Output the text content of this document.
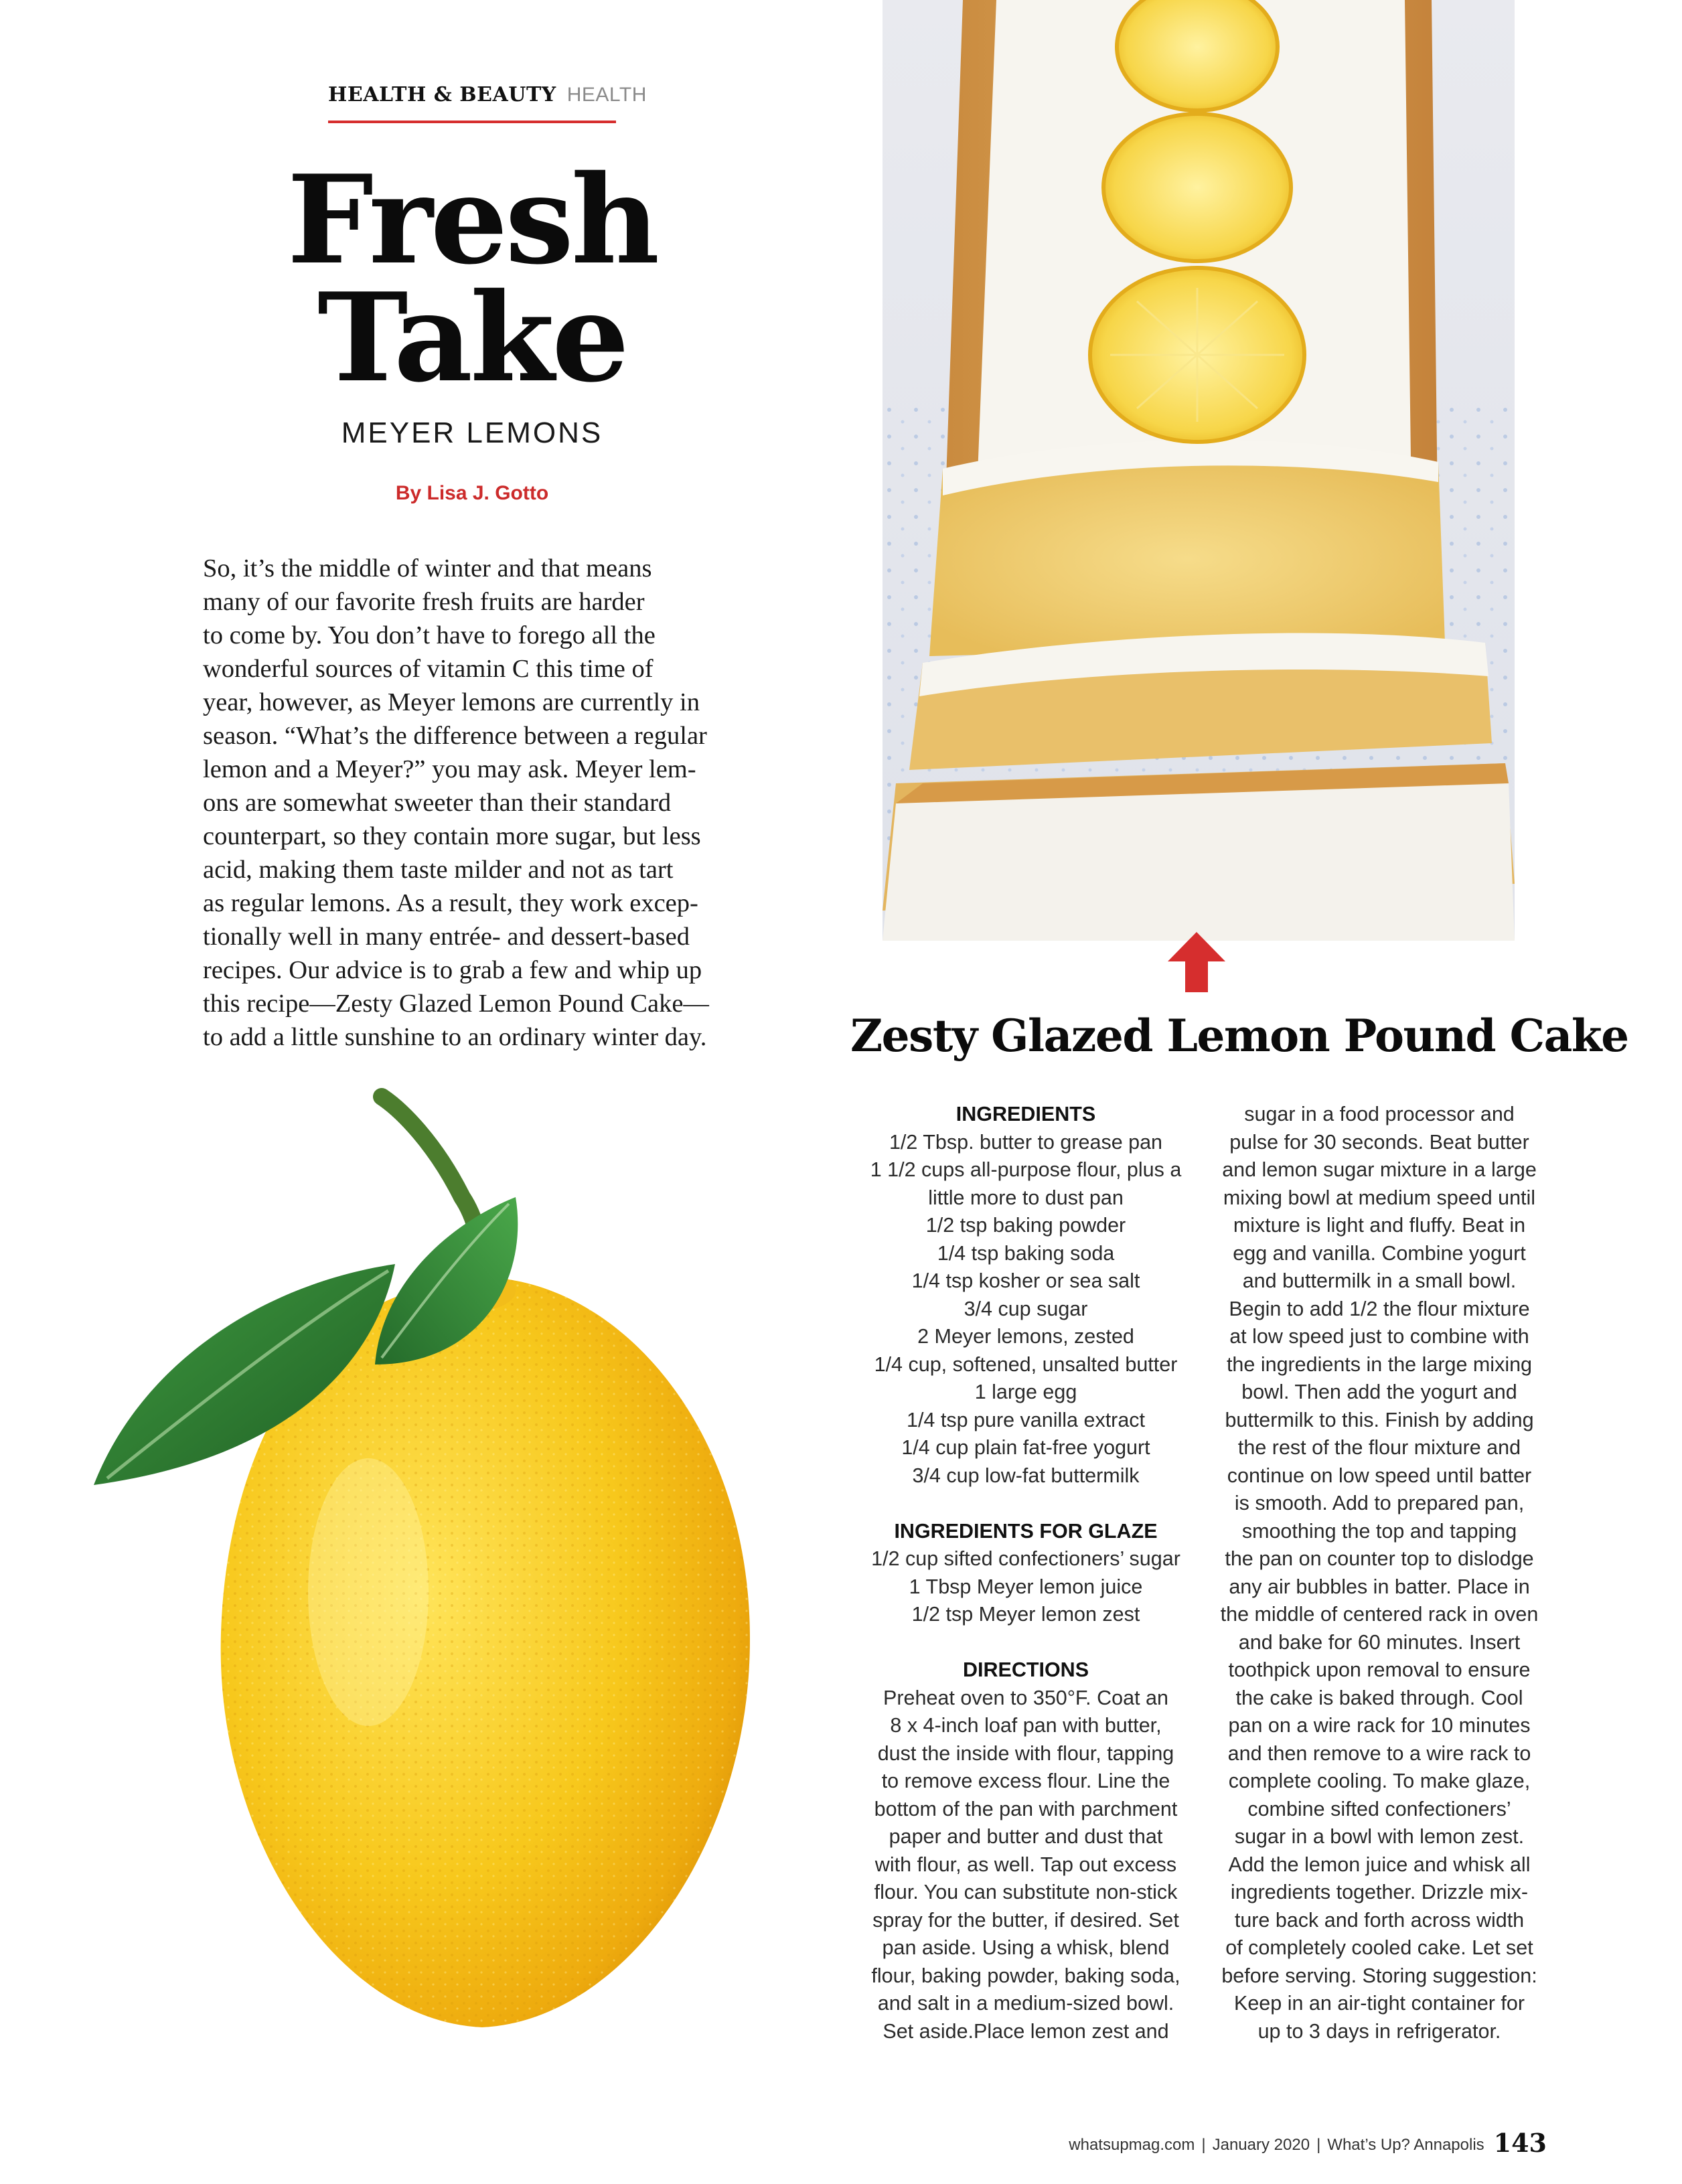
HEALTH & BEAUTY HEALTH
Fresh
Take
MEYER LEMONS
By Lisa J. Gotto
So, it’s the middle of winter and that means
many of our favorite fresh fruits are harder
to come by. You don’t have to forego all the
wonderful sources of vitamin C this time of
year, however, as Meyer lemons are currently in
season. “What’s the difference between a regular
lemon and a Meyer?” you may ask. Meyer lem-
ons are somewhat sweeter than their standard
counterpart, so they contain more sugar, but less
acid, making them taste milder and not as tart
as regular lemons. As a result, they work excep-
tionally well in many entrée- and dessert-based
recipes. Our advice is to grab a few and whip up
this recipe—Zesty Glazed Lemon Pound Cake—
to add a little sunshine to an ordinary winter day.	Zesty Glazed Lemon Pound Cake
INGREDIENTS
1/2 Tbsp. butter to grease pan
1 1/2 cups all-purpose flour, plus a
little more to dust pan
1/2 tsp baking powder
1/4 tsp baking soda
1/4 tsp kosher or sea salt
3/4 cup sugar
2 Meyer lemons, zested
1/4 cup, softened, unsalted butter
1 large egg
1/4 tsp pure vanilla extract
1/4 cup plain fat-free yogurt
3/4 cup low-fat buttermilk
INGREDIENTS FOR GLAZE
1/2 cup sifted confectioners’ sugar
1 Tbsp Meyer lemon juice
1/2 tsp Meyer lemon zest
DIRECTIONS
Preheat oven to 350°F. Coat an
8 x 4-inch loaf pan with butter,
dust the inside with flour, tapping
to remove excess flour. Line the
bottom of the pan with parchment
paper and butter and dust that
with flour, as well. Tap out excess
flour. You can substitute non-stick
spray for the butter, if desired. Set
pan aside. Using a whisk, blend
flour, baking powder, baking soda,
and salt in a medium-sized bowl.
Set aside.Place lemon zest and
sugar in a food processor and
pulse for 30 seconds. Beat butter
and lemon sugar mixture in a large
mixing bowl at medium speed until
mixture is light and fluffy. Beat in
egg and vanilla. Combine yogurt
and buttermilk in a small bowl.
Begin to add 1/2 the flour mixture
at low speed just to combine with
the ingredients in the large mixing
bowl. Then add the yogurt and
buttermilk to this. Finish by adding
the rest of the flour mixture and
continue on low speed until batter
is smooth. Add to prepared pan,
smoothing the top and tapping
the pan on counter top to dislodge
any air bubbles in batter. Place in
the middle of centered rack in oven
and bake for 60 minutes. Insert
toothpick upon removal to ensure
the cake is baked through. Cool
pan on a wire rack for 10 minutes
and then remove to a wire rack to
complete cooling. To make glaze,
combine sifted confectioners’
sugar in a bowl with lemon zest.
Add the lemon juice and whisk all
ingredients together. Drizzle mix-
ture back and forth across width
of completely cooled cake. Let set
before serving. Storing suggestion:
Keep in an air-tight container for
up to 3 days in refrigerator.
whatsupmag.com | January 2020 | What’s Up? Annapolis 143
